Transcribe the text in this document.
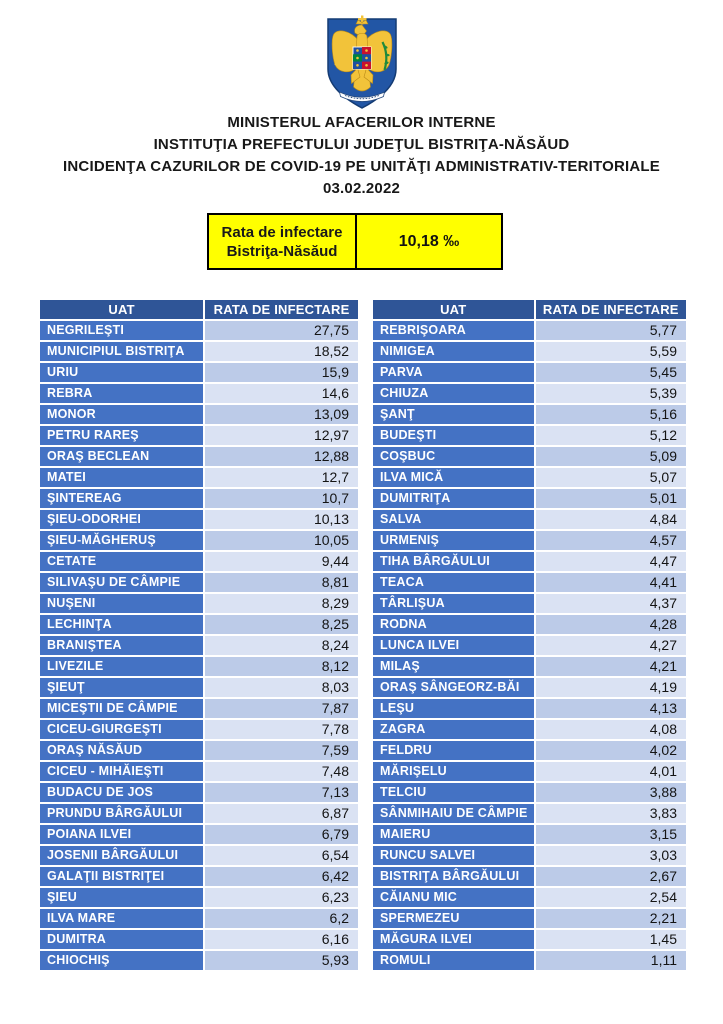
MINISTERUL AFACERILOR INTERNE
INSTITUŢIA PREFECTULUI JUDEŢUL BISTRIŢA-NĂSĂUD
INCIDENŢA CAZURILOR DE COVID-19 PE UNITĂŢI ADMINISTRATIV-TERITORIALE
03.02.2022
Rata de infectare
Bistriţa-Năsăud
10,18 ‰
UAT	RATA DE INFECTARE
NEGRILEŞTI	27,75
MUNICIPIUL BISTRIŢA	18,52
URIU	15,9
REBRA	14,6
MONOR	13,09
PETRU RAREŞ	12,97
ORAŞ BECLEAN	12,88
MATEI	12,7
ŞINTEREAG	10,7
ŞIEU-ODORHEI	10,13
ŞIEU-MĂGHERUŞ	10,05
CETATE	9,44
SILIVAŞU DE CÂMPIE	8,81
NUŞENI	8,29
LECHINŢA	8,25
BRANIŞTEA	8,24
LIVEZILE	8,12
ŞIEUŢ	8,03
MICEŞTII DE CÂMPIE	7,87
CICEU-GIURGEŞTI	7,78
ORAŞ NĂSĂUD	7,59
CICEU - MIHĂIEŞTI	7,48
BUDACU DE JOS	7,13
PRUNDU BÂRGĂULUI	6,87
POIANA ILVEI	6,79
JOSENII BÂRGĂULUI	6,54
GALAŢII BISTRIŢEI	6,42
ŞIEU	6,23
ILVA MARE	6,2
DUMITRA	6,16
CHIOCHIŞ	5,93
UAT	RATA DE INFECTARE
REBRIŞOARA	5,77
NIMIGEA	5,59
PARVA	5,45
CHIUZA	5,39
ŞANŢ	5,16
BUDEŞTI	5,12
COŞBUC	5,09
ILVA MICĂ	5,07
DUMITRIŢA	5,01
SALVA	4,84
URMENIŞ	4,57
TIHA BÂRGĂULUI	4,47
TEACA	4,41
TÂRLIŞUA	4,37
RODNA	4,28
LUNCA ILVEI	4,27
MILAŞ	4,21
ORAŞ SÂNGEORZ-BĂI	4,19
LEŞU	4,13
ZAGRA	4,08
FELDRU	4,02
MĂRIŞELU	4,01
TELCIU	3,88
SÂNMIHAIU DE CÂMPIE	3,83
MAIERU	3,15
RUNCU SALVEI	3,03
BISTRIŢA BÂRGĂULUI	2,67
CĂIANU MIC	2,54
SPERMEZEU	2,21
MĂGURA ILVEI	1,45
ROMULI	1,11
